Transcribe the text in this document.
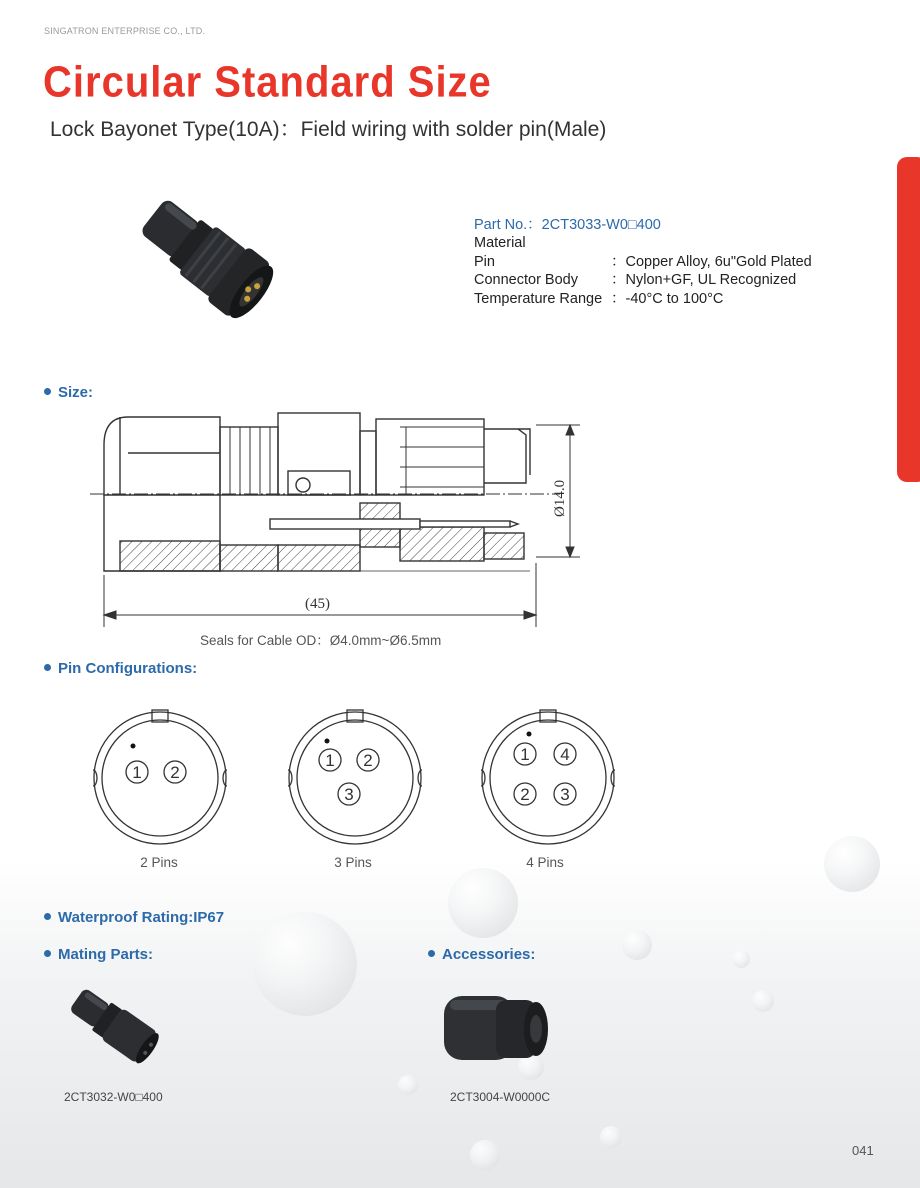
SINGATRON ENTERPRISE CO., LTD.
Circular Standard Size
Lock Bayonet Type(10A)：Field wiring with solder pin(Male)
Part No.：2CT3033-W0□400
Material
Pin	：Copper Alloy, 6u"Gold Plated
Connector Body	：Nylon+GF, UL Recognized
Temperature Range ：-40°C to 100°C
Size:
Ø14.0
(45)
Seals for Cable OD：Ø4.0mm~Ø6.5mm
Pin Configurations:
1 2
2 Pins
1 2
3
3 Pins
1 4
2 3
4 Pins
Waterproof Rating:IP67
Mating Parts:	Accessories:
2CT3032-W0□400	2CT3004-W0000C
041
